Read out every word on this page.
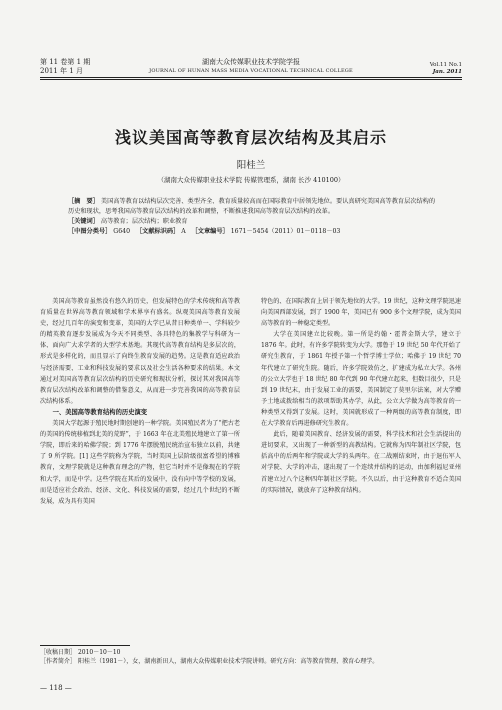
第 11 卷第 1 期
2011 年 1 月
湖南大众传媒职业技术学院学报
JOURNAL OF HUNAN MASS MEDIA VOCATIONAL TECHNICAL COLLEGE
Vol.11 No.1
Jan. 2011
浅议美国高等教育层次结构及其启示
阳桂兰
（湖南大众传媒职业技术学院 传媒管理系，湖南 长沙 410100）

［摘　要］ 美国高等教育以结构层次完善、类型齐全、教育质量较高而在国际教育中居领先地位。要认真研究美国高等教育层次结构的历史和现状，思考我国高等教育层次结构的改革和调整，不断推进我国高等教育层次结构的改革。

［关键词］ 高等教育；层次结构；职业教育

［中图分类号］ G640 ［文献标识码］ A ［文章编号］ 1671－5454（2011）01－0118－03

美国高等教育虽然没有悠久的历史，但发展特色的学术传统和高等教育质量在世界高等教育领域和学术界享有盛名。纵观美国高等教育发展史，经过几百年的演变和变革，美国的大学已从昔日种类单一、学科较少的精英教育逐步发展成为今天不同类型、各具特色的集教学与科研为一体、面向广大求学者的大型学术基地。其现代高等教育结构是多层次的，形式是多样化的，而且显示了向终生教育发展的趋势。这是教育适应政治与经济需要、工业和科技发展的要求以及社会生活各种要求的结果。本文通过对美国高等教育层次结构的历史研究和现状分析，探讨其对我国高等教育层次结构改革和调整的借鉴意义，从而进一步完善我国的高等教育层次结构体系。

一、美国高等教育结构的历史演变

美国大学起源于殖民地时期创建的一种学院。美国殖民者为了“把古老的美国的传统移植到北美的荒野”，于 1663 年在北美殖民地建立了第一所学院，即后来的哈佛学院；到 1776 年摆脱殖民统治宣布独立以前，共建了 9 所学院。[1] 这些学院称为学院，当时美国上层阶级很富希望的博雅教育，文理学院就是这种教育理念的产物，但它当时并不是像现在的学院和大学，而是中学。这些学院在其后的发展中，没有向中等学校的发展，而是适应社会政治、经济、文化、科技发展的需要，经过几个世纪的不断发展，成为具有美国

特色的、在国际教育上居于领先地位的大学。19 世纪，这种文理学院迅速向美国西部发展，到了 1900 年，美国已有 900 多个文理学院，成为美国高等教育的一种稳定类型。

大学在美国建立比较晚。第一所是约翰・霍普金斯大学，建立于 1876 年。此时，有许多学院转变为大学。那鲁于 19 世纪 50 年代开始了研究生教育，于 1861 年授予第一个哲学博士学位；哈佛于 19 世纪 70 年代建立了研究生院。随后，许多学院效仿之，扩建成为私立大学。各州的公立大学也于 18 世纪 80 年代到 90 年代建立起来，但数目很少，只是到 19 世纪末，由于发展工业的需要，美国制定了莫里尔法案，对大学赠予土地或拨给相当的款项帮助其办学，从此，公立大学做为高等教育的一种类型又得到了发展。这时，美国就形成了一种两级的高等教育制度，即在大学教育后再进修研究生教育。

此后，随着美国教育、经济发展的需要，科学技术和社会生活提出的进切要求，又出现了一种新型的高教结构。它就称为四年制社区学院，包括高中的后两年和学院或大学的头两年。在二战刚结束时，由于退伍军人对学院、大学的冲击，遂出现了一个连续并结构的运动，由加利福尼亚州首建立过八个这种四年制社区学院。不久以后，由于这种教育不适合美国的实际情况，就放弃了这种教育结构。

［收稿日期］ 2010－10－10

［作者简介］ 阳桂兰（1981－），女，湖南新田人，湖南大众传媒职业技术学院讲师。研究方向：高等教育管理、教育心理学。

— 118 —
